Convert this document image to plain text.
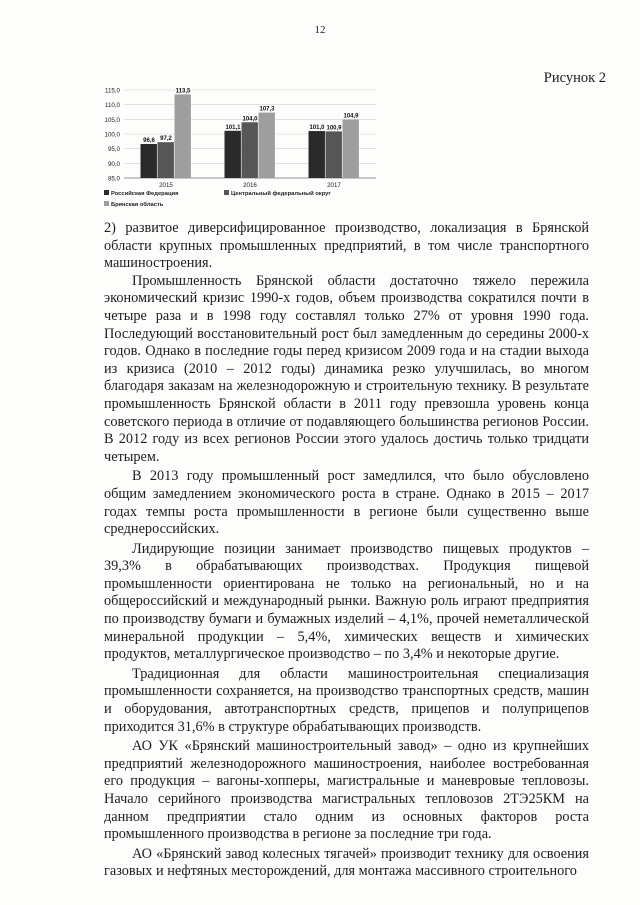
12
Рисунок 2
115,0
110,0
105,0
100,0
95,0
90,0
85,0
96,6 97,2
113,5
2015
101,1
104,0
107,3
2016
101,0 100,9
104,9
2017
Российская Федерация	Центральный федеральный округ
Брянская область

2) развитое диверсифицированное производство, локализация в Брянской области крупных промышленных предприятий, в том числе транспортного машиностроения.

Промышленность Брянской области достаточно тяжело пережила экономический кризис 1990-х годов, объем производства сократился почти в четыре раза и в 1998 году составлял только 27% от уровня 1990 года. Последующий восстановительный рост был замедленным до середины 2000-х годов. Однако в последние годы перед кризисом 2009 года и на стадии выхода из кризиса (2010 – 2012 годы) динамика резко улучшилась, во многом благодаря заказам на железнодорожную и строительную технику. В результате промышленность Брянской области в 2011 году превзошла уровень конца советского периода в отличие от подавляющего большинства регионов России. В 2012 году из всех регионов России этого удалось достичь только тридцати четырем.

В 2013 году промышленный рост замедлился, что было обусловлено общим замедлением экономического роста в стране. Однако в 2015 – 2017 годах темпы роста промышленности в регионе были существенно выше среднероссийских.

Лидирующие позиции занимает производство пищевых продуктов – 39,3% в обрабатывающих производствах. Продукция пищевой промышленности ориентирована не только на региональный, но и на общероссийский и международный рынки. Важную роль играют предприятия по производству бумаги и бумажных изделий – 4,1%, прочей неметаллической минеральной продукции – 5,4%, химических веществ и химических продуктов, металлургическое производство – по 3,4% и некоторые другие.

Традиционная для области машиностроительная специализация промышленности сохраняется, на производство транспортных средств, машин и оборудования, автотранспортных средств, прицепов и полуприцепов приходится 31,6% в структуре обрабатывающих производств.

АО УК «Брянский машиностроительный завод» – одно из крупнейших предприятий железнодорожного машиностроения, наиболее востребованная его продукция – вагоны-хопперы, магистральные и маневровые тепловозы. Начало серийного производства магистральных тепловозов 2ТЭ25КМ на данном предприятии стало одним из основных факторов роста промышленного производства в регионе за последние три года.

АО «Брянский завод колесных тягачей» производит технику для освоения газовых и нефтяных месторождений, для монтажа массивного строительного
